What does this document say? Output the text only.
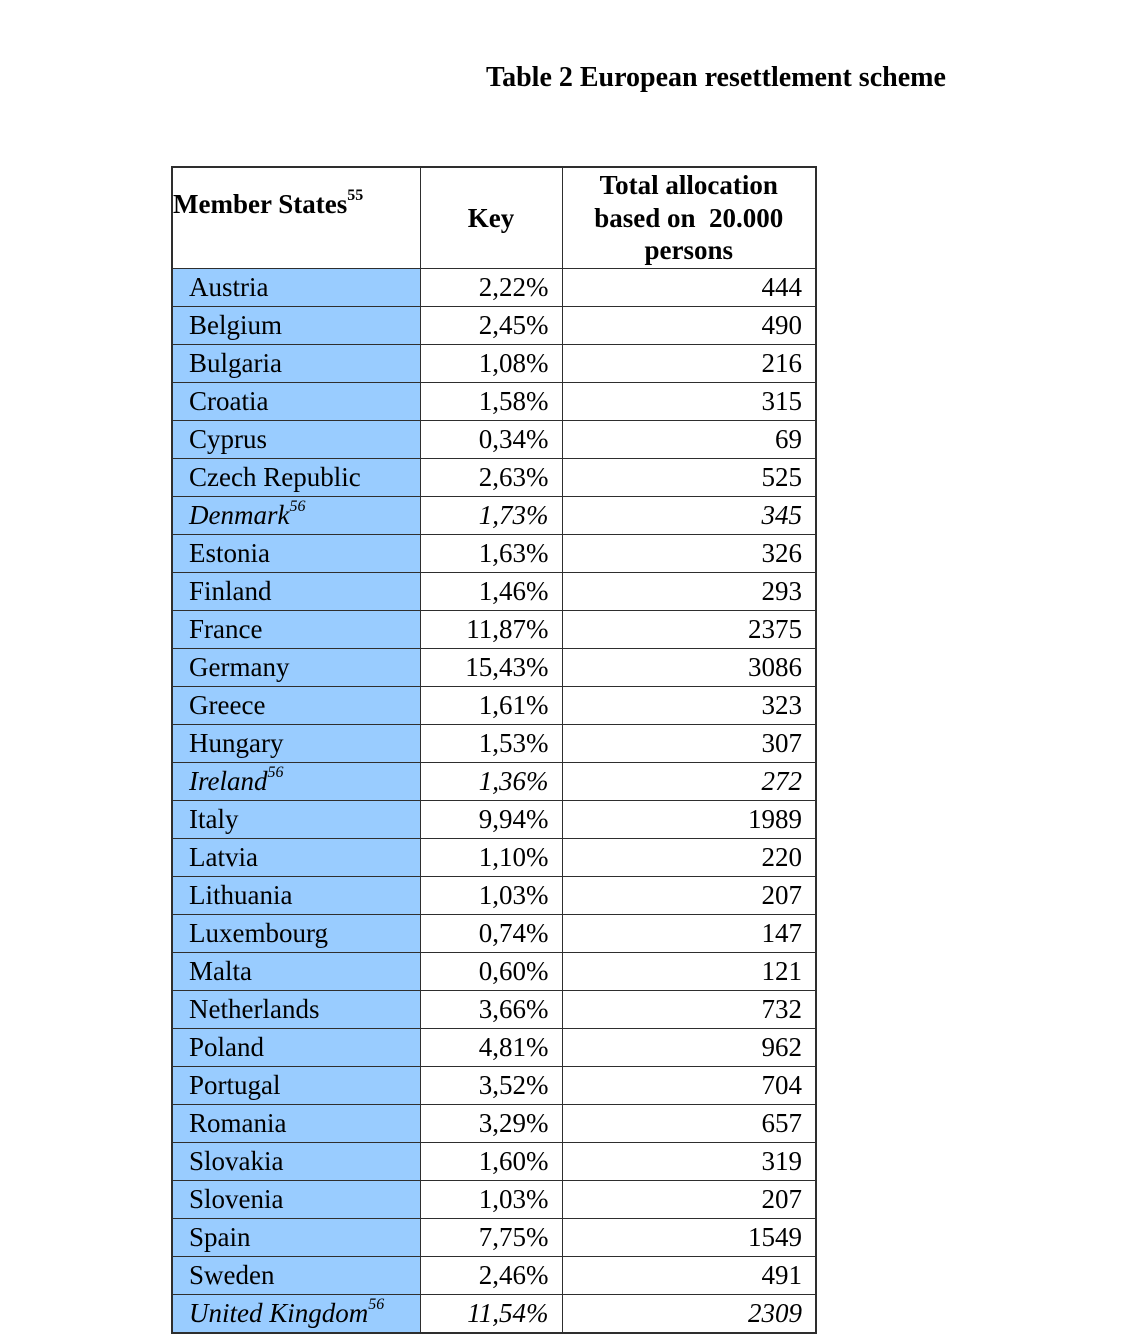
Table 2 European resettlement scheme
Member States$^{55}$	Key	Total allocation
based on  20.000
persons

Austria	2,22%	444
Belgium	2,45%	490
Bulgaria	1,08%	216
Croatia	1,58%	315
Cyprus	0,34%	69
Czech Republic	2,63%	525
Denmark$^{56}$	1,73%	345
Estonia	1,63%	326
Finland	1,46%	293
France	11,87%	2375
Germany	15,43%	3086
Greece	1,61%	323
Hungary	1,53%	307
Ireland$^{56}$	1,36%	272
Italy	9,94%	1989
Latvia	1,10%	220
Lithuania	1,03%	207
Luxembourg	0,74%	147
Malta	0,60%	121
Netherlands	3,66%	732
Poland	4,81%	962
Portugal	3,52%	704
Romania	3,29%	657
Slovakia	1,60%	319
Slovenia	1,03%	207
Spain	7,75%	1549
Sweden	2,46%	491
United Kingdom$^{56}$	11,54%	2309
